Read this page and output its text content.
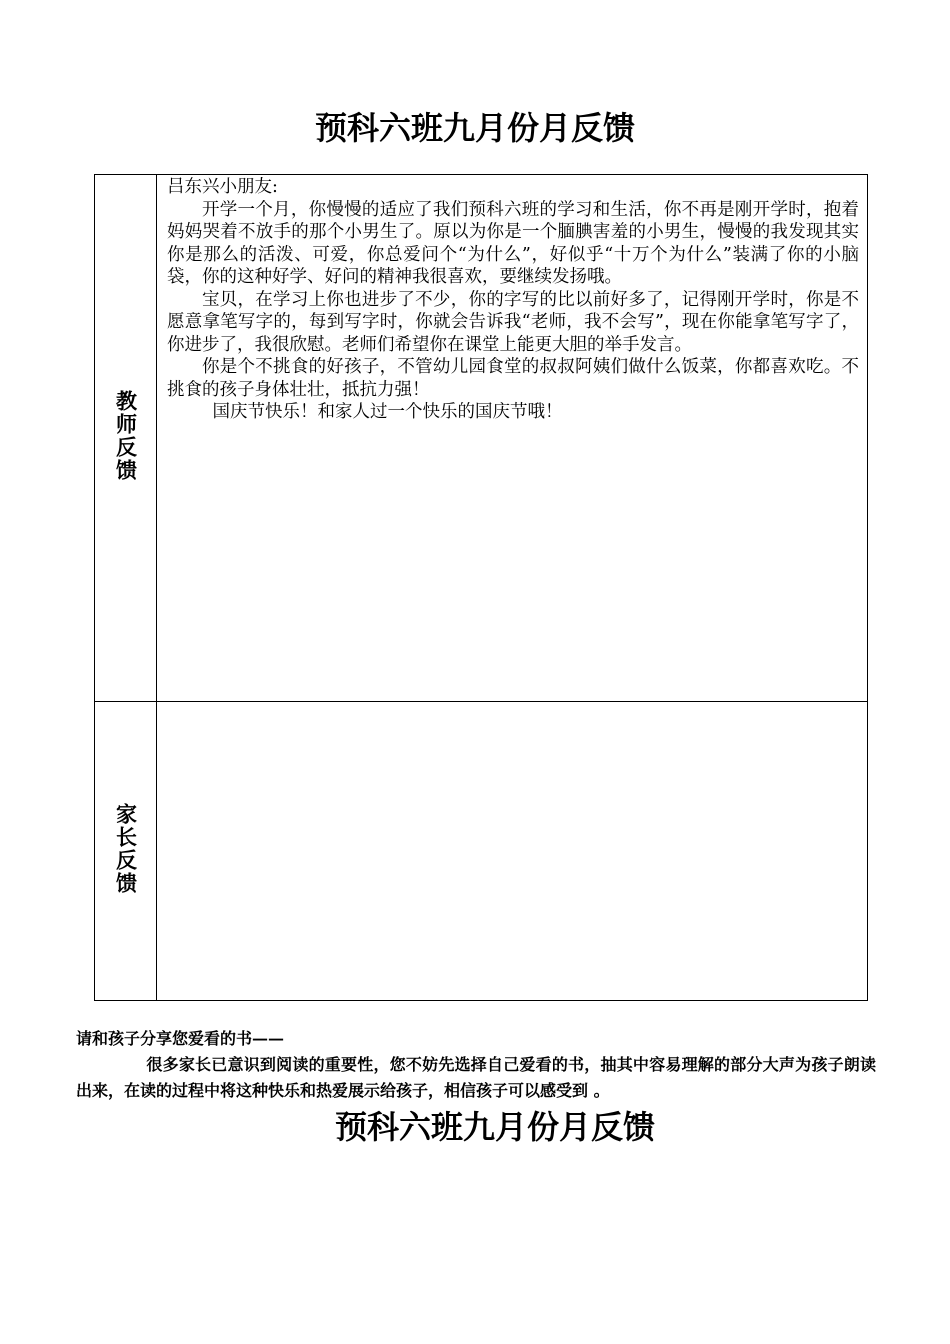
预科六班九月份月反馈
教师反馈	吕东兴小朋友:

开学一个月，你慢慢的适应了我们预科六班的学习和生活，你不再是刚开学时，抱着妈妈哭着不放手的那个小男生了。原以为你是一个腼腆害羞的小男生，慢慢的我发现其实你是那么的活泼、可爱，你总爱问个“为什么”，好似乎“十万个为什么”装满了你的小脑袋，你的这种好学、好问的精神我很喜欢，要继续发扬哦。

宝贝，在学习上你也进步了不少，你的字写的比以前好多了，记得刚开学时，你是不愿意拿笔写字的，每到写字时，你就会告诉我“老师，我不会写”，现在你能拿笔写字了，你进步了，我很欣慰。老师们希望你在课堂上能更大胆的举手发言。

你是个不挑食的好孩子，不管幼儿园食堂的叔叔阿姨们做什么饭菜，你都喜欢吃。不挑食的孩子身体壮壮，抵抗力强！

国庆节快乐！和家人过一个快乐的国庆节哦！

家长反馈	

请和孩子分享您爱看的书——

很多家长已意识到阅读的重要性，您不妨先选择自己爱看的书，抽其中容易理解的部分大声为孩子朗读出来，在读的过程中将这种快乐和热爱展示给孩子，相信孩子可以感受到 。

预科六班九月份月反馈
